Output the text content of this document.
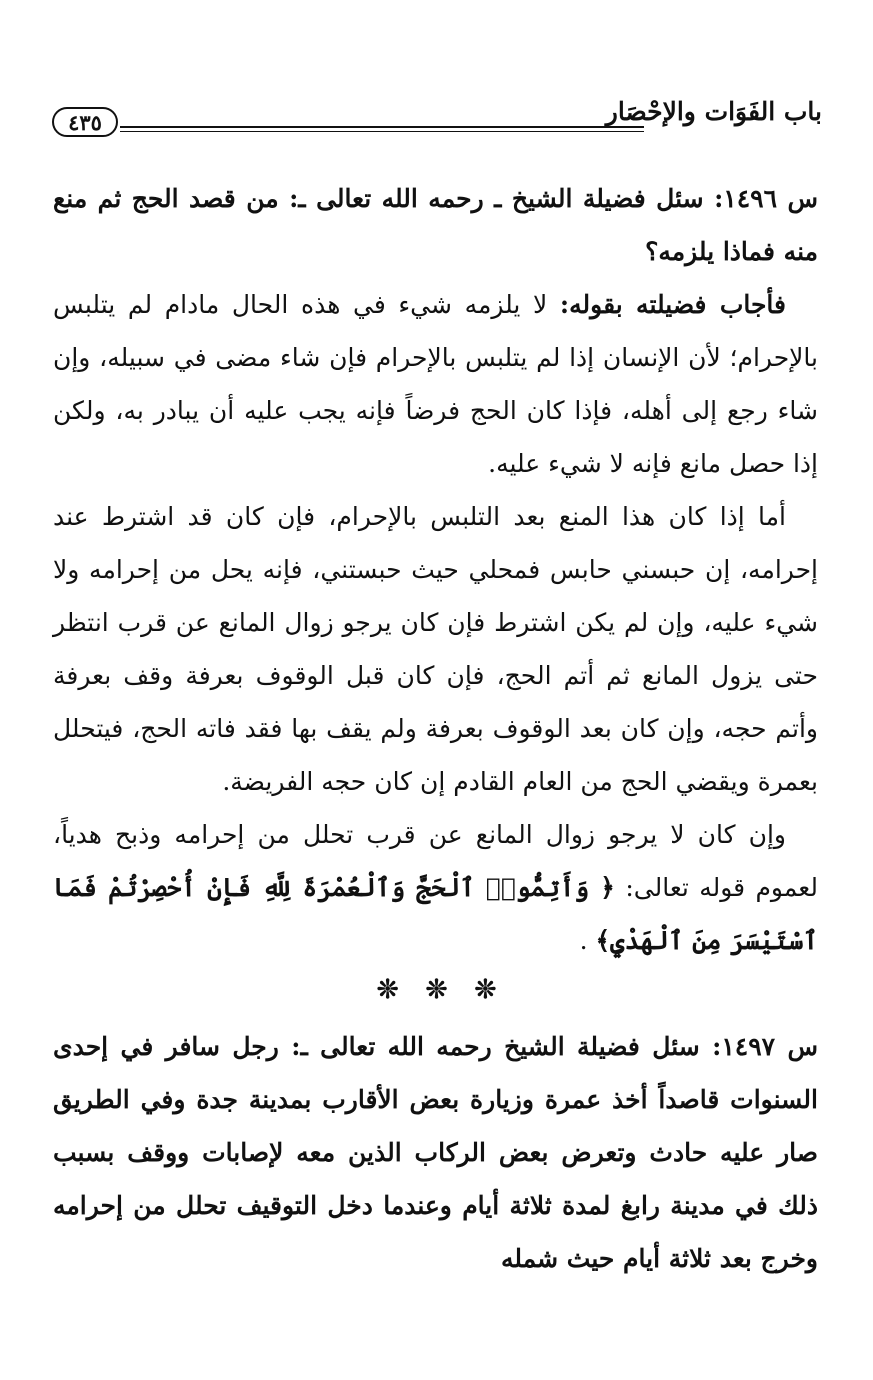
باب الفَوَات والإحْصَار
٤٣٥

س ١٤٩٦: سئل فضيلة الشيخ ـ رحمه الله تعالى ـ: من قصد الحج ثم منع منه فماذا يلزمه؟

فأجاب فضيلته بقوله: لا يلزمه شيء في هذه الحال مادام لم يتلبس بالإحرام؛ لأن الإنسان إذا لم يتلبس بالإحرام فإن شاء مضى في سبيله، وإن شاء رجع إلى أهله، فإذا كان الحج فرضاً فإنه يجب عليه أن يبادر به، ولكن إذا حصل مانع فإنه لا شيء عليه.

أما إذا كان هذا المنع بعد التلبس بالإحرام، فإن كان قد اشترط عند إحرامه، إن حبسني حابس فمحلي حيث حبستني، فإنه يحل من إحرامه ولا شيء عليه، وإن لم يكن اشترط فإن كان يرجو زوال المانع عن قرب انتظر حتى يزول المانع ثم أتم الحج، فإن كان قبل الوقوف بعرفة وقف بعرفة وأتم حجه، وإن كان بعد الوقوف بعرفة ولم يقف بها فقد فاته الحج، فيتحلل بعمرة ويقضي الحج من العام القادم إن كان حجه الفريضة.

وإن كان لا يرجو زوال المانع عن قرب تحلل من إحرامه وذبح هدياً، لعموم قوله تعالى: ﴿ وَأَتِمُّوا۟ ٱلْحَجَّ وَٱلْعُمْرَةَ لِلَّهِ فَإِنْ أُحْصِرْتُمْ فَمَا ٱسْتَيْسَرَ مِنَ ٱلْهَدْيِ﴾ .

❊ ❊ ❊

س ١٤٩٧: سئل فضيلة الشيخ رحمه الله تعالى ـ: رجل سافر في إحدى السنوات قاصداً أخذ عمرة وزيارة بعض الأقارب بمدينة جدة وفي الطريق صار عليه حادث وتعرض بعض الركاب الذين معه لإصابات ووقف بسبب ذلك في مدينة رابغ لمدة ثلاثة أيام وعندما دخل التوقيف تحلل من إحرامه وخرج بعد ثلاثة أيام حيث شمله
